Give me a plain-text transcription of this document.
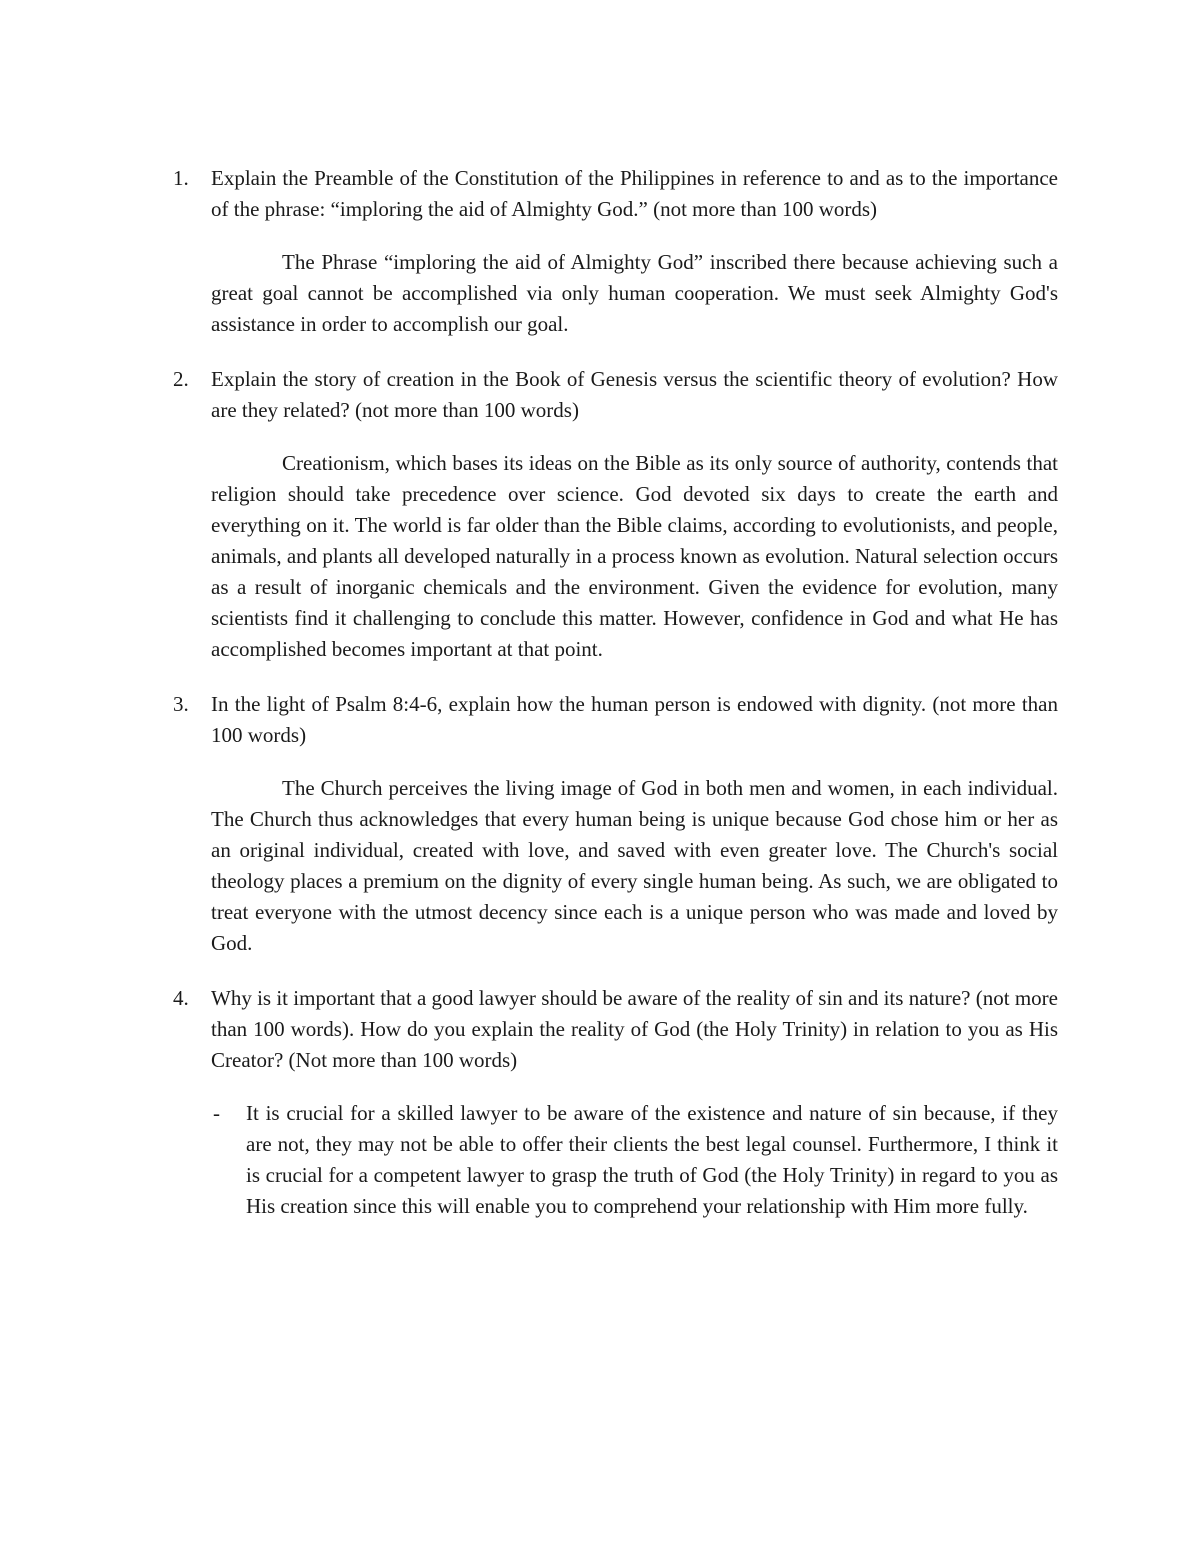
1. Explain the Preamble of the Constitution of the Philippines in reference to and as to the importance of the phrase: “imploring the aid of Almighty God.” (not more than 100 words)
The Phrase “imploring the aid of Almighty God” inscribed there because achieving such a great goal cannot be accomplished via only human cooperation. We must seek Almighty God's assistance in order to accomplish our goal.
2. Explain the story of creation in the Book of Genesis versus the scientific theory of evolution? How are they related? (not more than 100 words)
Creationism, which bases its ideas on the Bible as its only source of authority, contends that religion should take precedence over science. God devoted six days to create the earth and everything on it. The world is far older than the Bible claims, according to evolutionists, and people, animals, and plants all developed naturally in a process known as evolution. Natural selection occurs as a result of inorganic chemicals and the environment. Given the evidence for evolution, many scientists find it challenging to conclude this matter. However, confidence in God and what He has accomplished becomes important at that point.
3. In the light of Psalm 8:4-6, explain how the human person is endowed with dignity. (not more than 100 words)
The Church perceives the living image of God in both men and women, in each individual. The Church thus acknowledges that every human being is unique because God chose him or her as an original individual, created with love, and saved with even greater love. The Church's social theology places a premium on the dignity of every single human being. As such, we are obligated to treat everyone with the utmost decency since each is a unique person who was made and loved by God.
4. Why is it important that a good lawyer should be aware of the reality of sin and its nature? (not more than 100 words). How do you explain the reality of God (the Holy Trinity) in relation to you as His Creator? (Not more than 100 words)
- It is crucial for a skilled lawyer to be aware of the existence and nature of sin because, if they are not, they may not be able to offer their clients the best legal counsel. Furthermore, I think it is crucial for a competent lawyer to grasp the truth of God (the Holy Trinity) in regard to you as His creation since this will enable you to comprehend your relationship with Him more fully.
